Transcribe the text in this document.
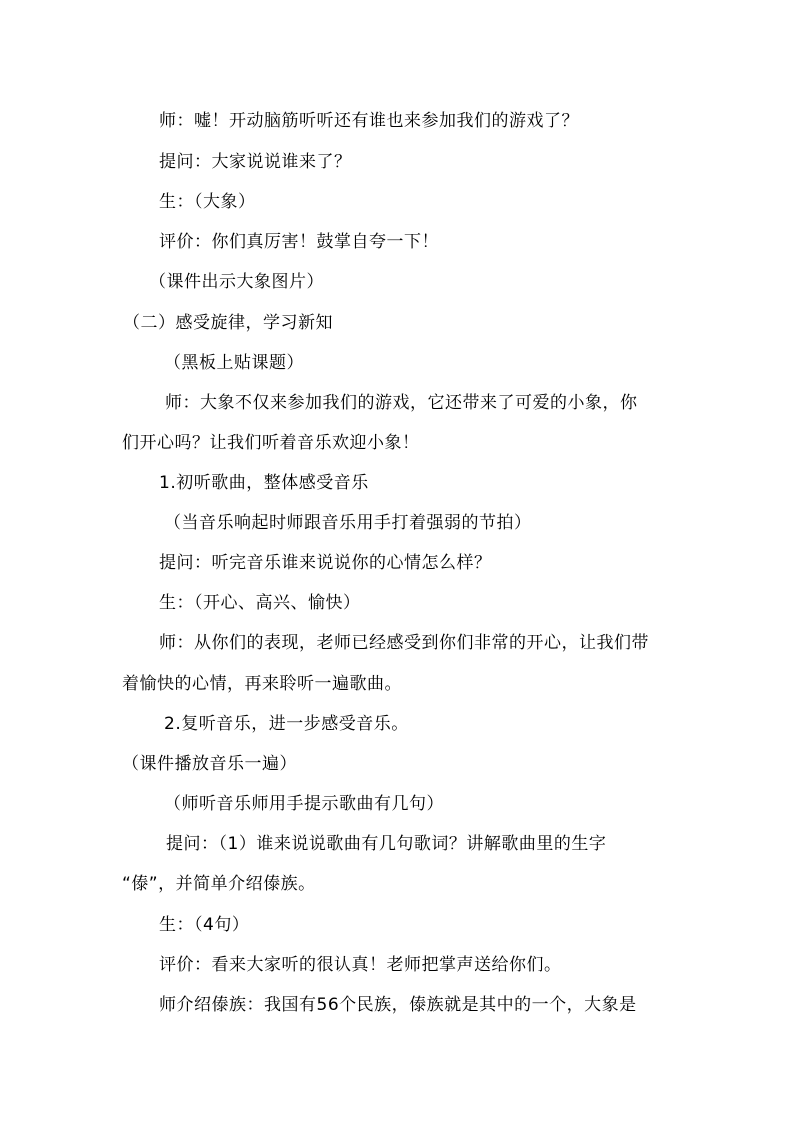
师：嘘！开动脑筋听听还有谁也来参加我们的游戏了？
提问：大家说说谁来了？
生：（大象）
评价：你们真厉害！鼓掌自夸一下！
（课件出示大象图片）
（二）感受旋律，学习新知
（黑板上贴课题）
师：大象不仅来参加我们的游戏，它还带来了可爱的小象，你
们开心吗？让我们听着音乐欢迎小象！
1.初听歌曲，整体感受音乐
（当音乐响起时师跟音乐用手打着强弱的节拍）
提问：听完音乐谁来说说你的心情怎么样？
生：（开心、高兴、愉快）
师：从你们的表现，老师已经感受到你们非常的开心，让我们带
着愉快的心情，再来聆听一遍歌曲。
2.复听音乐，进一步感受音乐。
（课件播放音乐一遍）
（师听音乐师用手提示歌曲有几句）
提问：（1）谁来说说歌曲有几句歌词？讲解歌曲里的生字
“傣”，并简单介绍傣族。
生：（4句）
评价：看来大家听的很认真！老师把掌声送给你们。
师介绍傣族：我国有56个民族，傣族就是其中的一个，大象是
